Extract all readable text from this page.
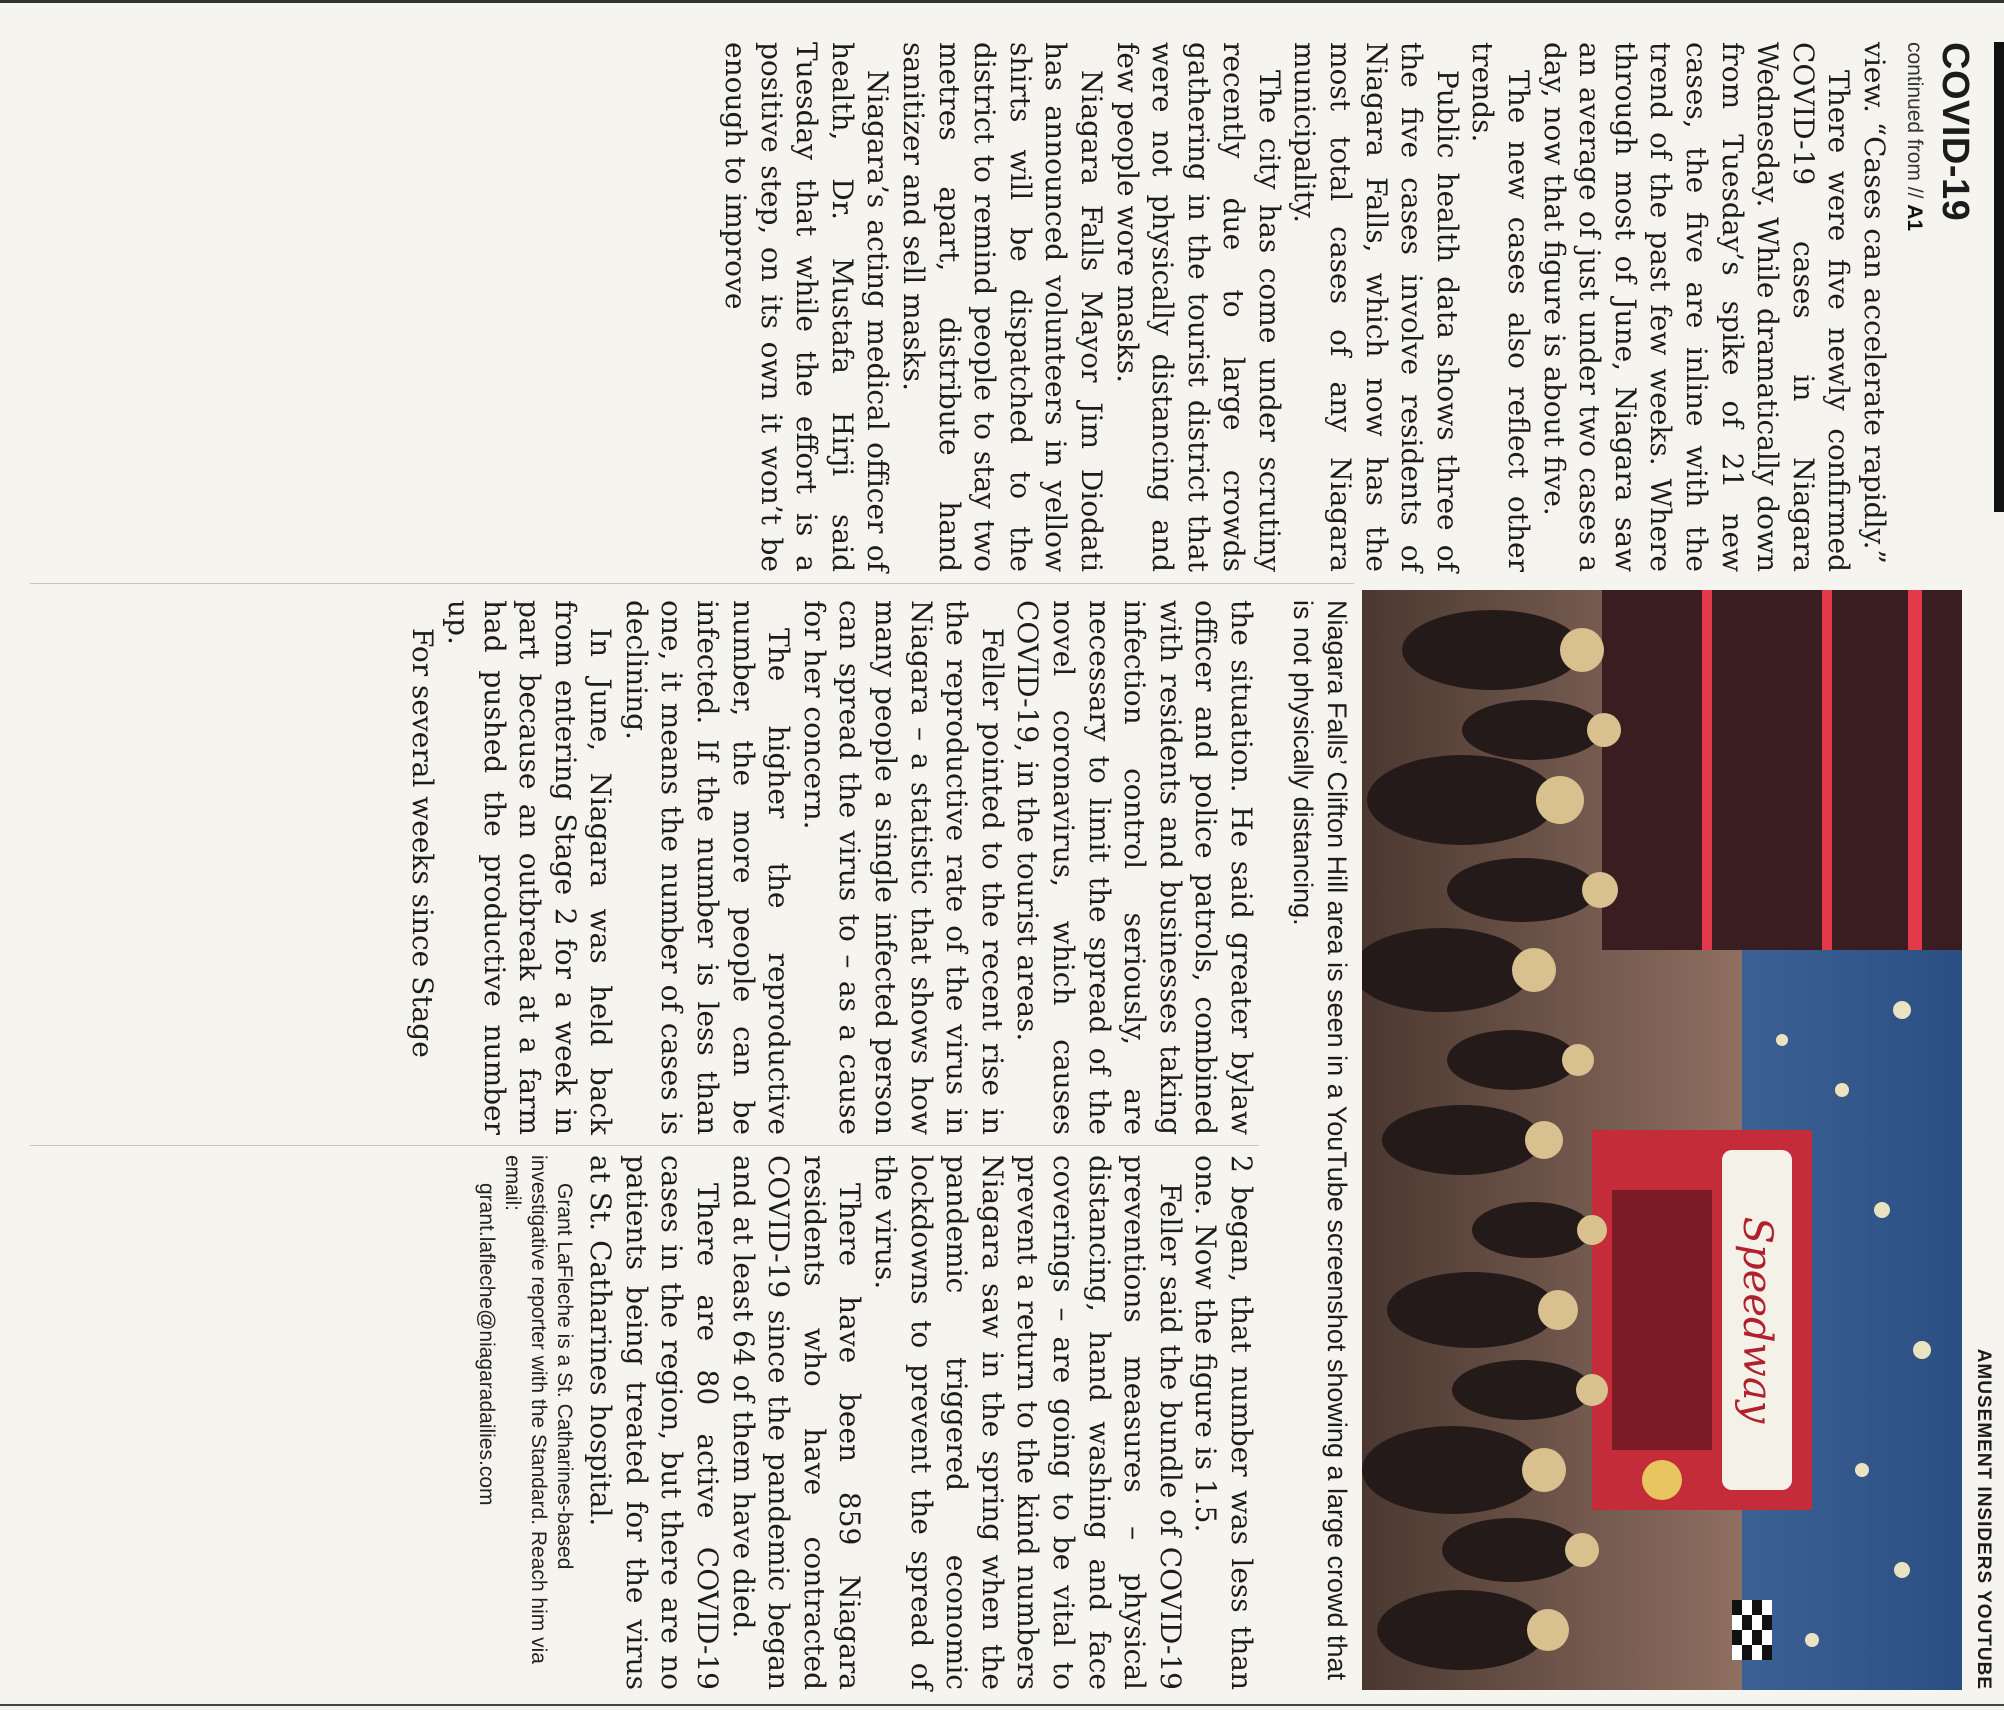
COVID-19
continued from // A1

view. “Cases can accelerate rapidly.”

There were five newly confirmed COVID-19 cases in Niagara Wednesday. While dramatically down from Tuesday’s spike of 21 new cases, the five are inline with the trend of the past few weeks. Where through most of June, Niagara saw an average of just under two cases a day, now that figure is about five.

The new cases also reflect other trends.

Public health data shows three of the five cases involve residents of Niagara Falls, which now has the most total cases of any Niagara municipality.

The city has come under scrutiny recently due to large crowds gathering in the tourist district that were not physically distancing and few people wore masks.

Niagara Falls Mayor Jim Diodati has announced volunteers in yellow shirts will be dispatched to the district to remind people to stay two metres apart, distribute hand sanitizer and sell masks.

Niagara’s acting medical officer of health, Dr. Mustafa Hirji said Tuesday that while the effort is a positive step, on its own it won’t be enough to improve

AMUSEMENT INSIDERS YOUTUBE
Speedway
Niagara Falls’ Clifton Hill area is seen in a YouTube screenshot showing a large crowd that is not physically distancing.

the situation. He said greater bylaw officer and police patrols, combined with residents and businesses taking infection control seriously, are necessary to limit the spread of the novel coronavirus, which causes COVID-19, in the tourist areas.

Feller pointed to the recent rise in the reproductive rate of the virus in Niagara – a statistic that shows how many people a single infected person can spread the virus to – as a cause for her concern.

The higher the reproductive number, the more people can be infected. If the number is less than one, it means the number of cases is declining.

In June, Niagara was held back from entering Stage 2 for a week in part because an outbreak at a farm had pushed the productive number up.

For several weeks since Stage

2 began, that number was less than one. Now the figure is 1.5.

Feller said the bundle of COVID-19 preventions measures – physical distancing, hand washing and face coverings – are going to be vital to prevent a return to the kind numbers Niagara saw in the spring when the pandemic triggered economic lockdowns to prevent the spread of the virus.

There have been 859 Niagara residents who have contracted COVID-19 since the pandemic began and at least 64 of them have died.

There are 80 active COVID-19 cases in the region, but there are no patients being treated for the virus at St. Catharines hospital.

Grant LaFleche is a St. Catharines-based investigative reporter with the Standard. Reach him via email:

grant.lafleche@niagaradailies.com
